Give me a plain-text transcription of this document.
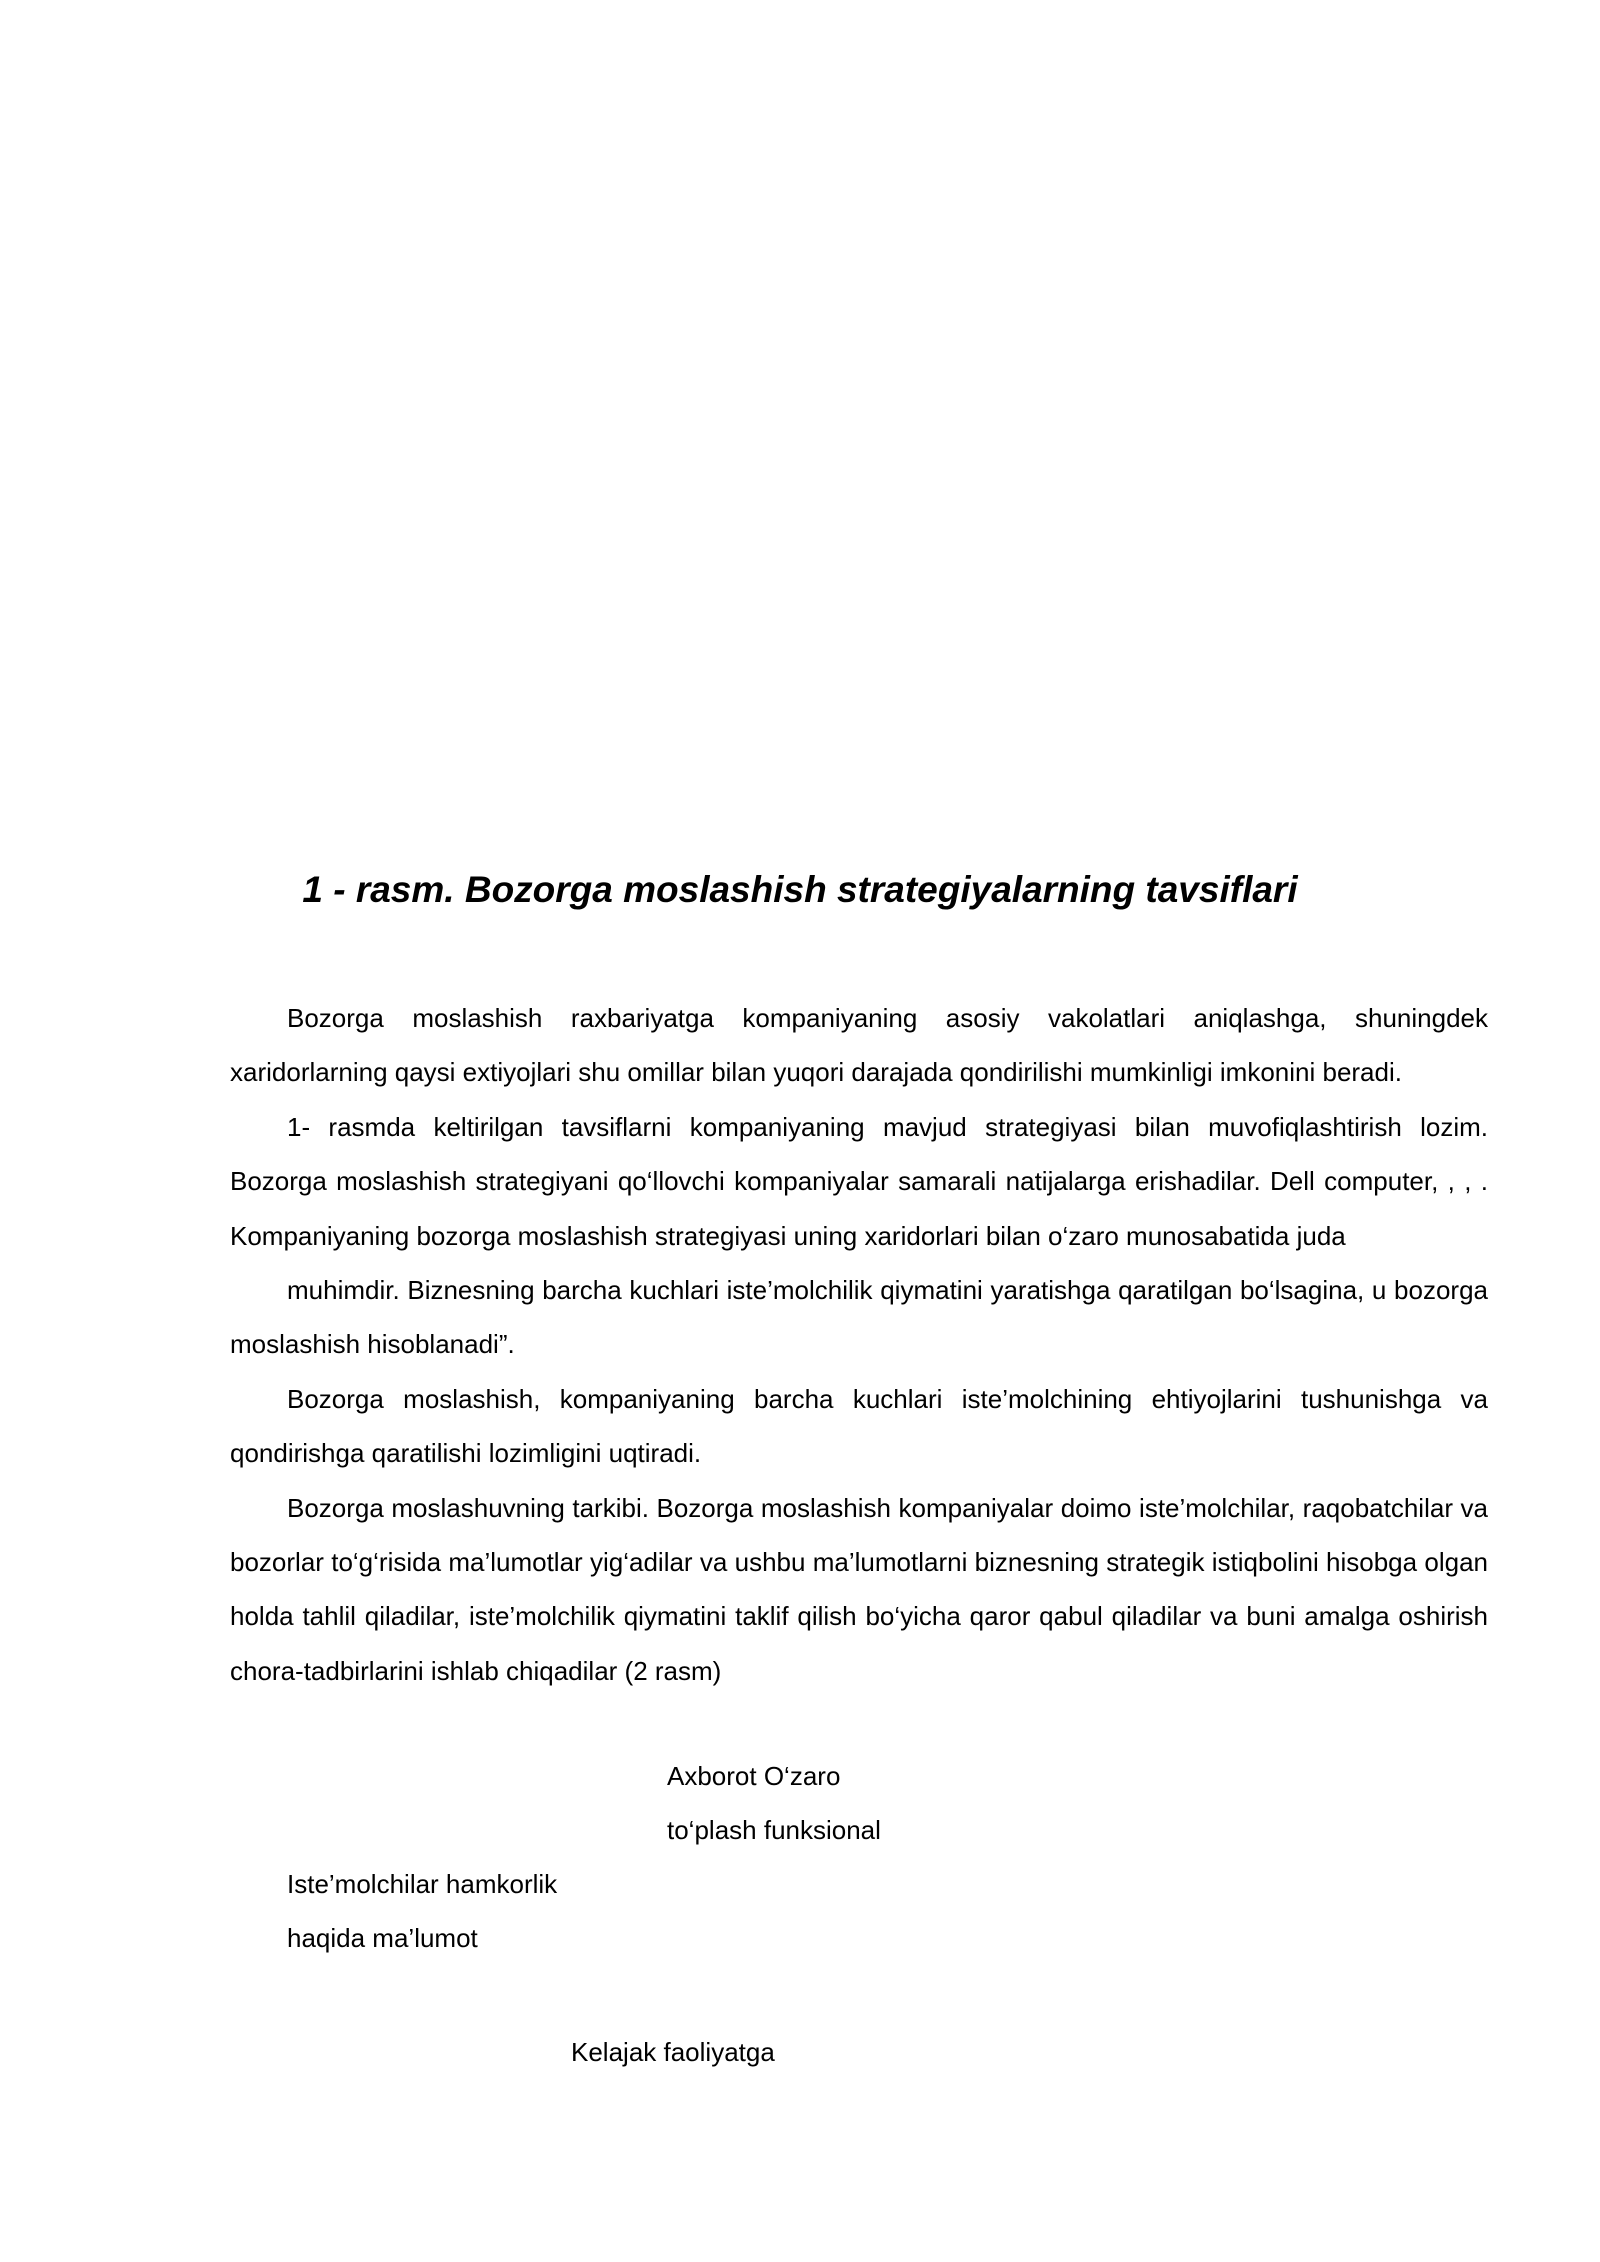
1 - rasm. Bozorga moslashish strategiyalarning tavsiflari

Bozorga moslashish raxbariyatga kompaniyaning asosiy vakolatlari aniqlashga, shuningdek xaridorlarning qaysi extiyojlari shu omillar bilan yuqori darajada qondirilishi mumkinligi imkonini beradi.

1- rasmda keltirilgan tavsiflarni kompaniyaning mavjud strategiyasi bilan muvofiqlashtirish lozim. Bozorga moslashish strategiyani qo‘llovchi kompaniyalar samarali natijalarga erishadilar. Dell computer, , , . Kompaniyaning bozorga moslashish strategiyasi uning xaridorlari bilan o‘zaro munosabatida juda

muhimdir. Biznesning barcha kuchlari iste’molchilik qiymatini yaratishga qaratilgan bo‘lsagina, u bozorga moslashish hisoblanadi”.

Bozorga moslashish, kompaniyaning barcha kuchlari iste’molchining ehtiyojlarini tushunishga va qondirishga qaratilishi lozimligini uqtiradi.

Bozorga moslashuvning tarkibi. Bozorga moslashish kompaniyalar doimo iste’molchilar, raqobatchilar va bozorlar to‘g‘risida ma’lumotlar yig‘adilar va ushbu ma’lumotlarni biznesning strategik istiqbolini hisobga olgan holda tahlil qiladilar, iste’molchilik qiymatini taklif qilish bo‘yicha qaror qabul qiladilar va buni amalga oshirish chora-tadbirlarini ishlab chiqadilar (2 rasm)

Axborot O‘zaro
to‘plash funksional
Iste’molchilar hamkorlik
haqida ma’lumot
Kelajak faoliyatga
